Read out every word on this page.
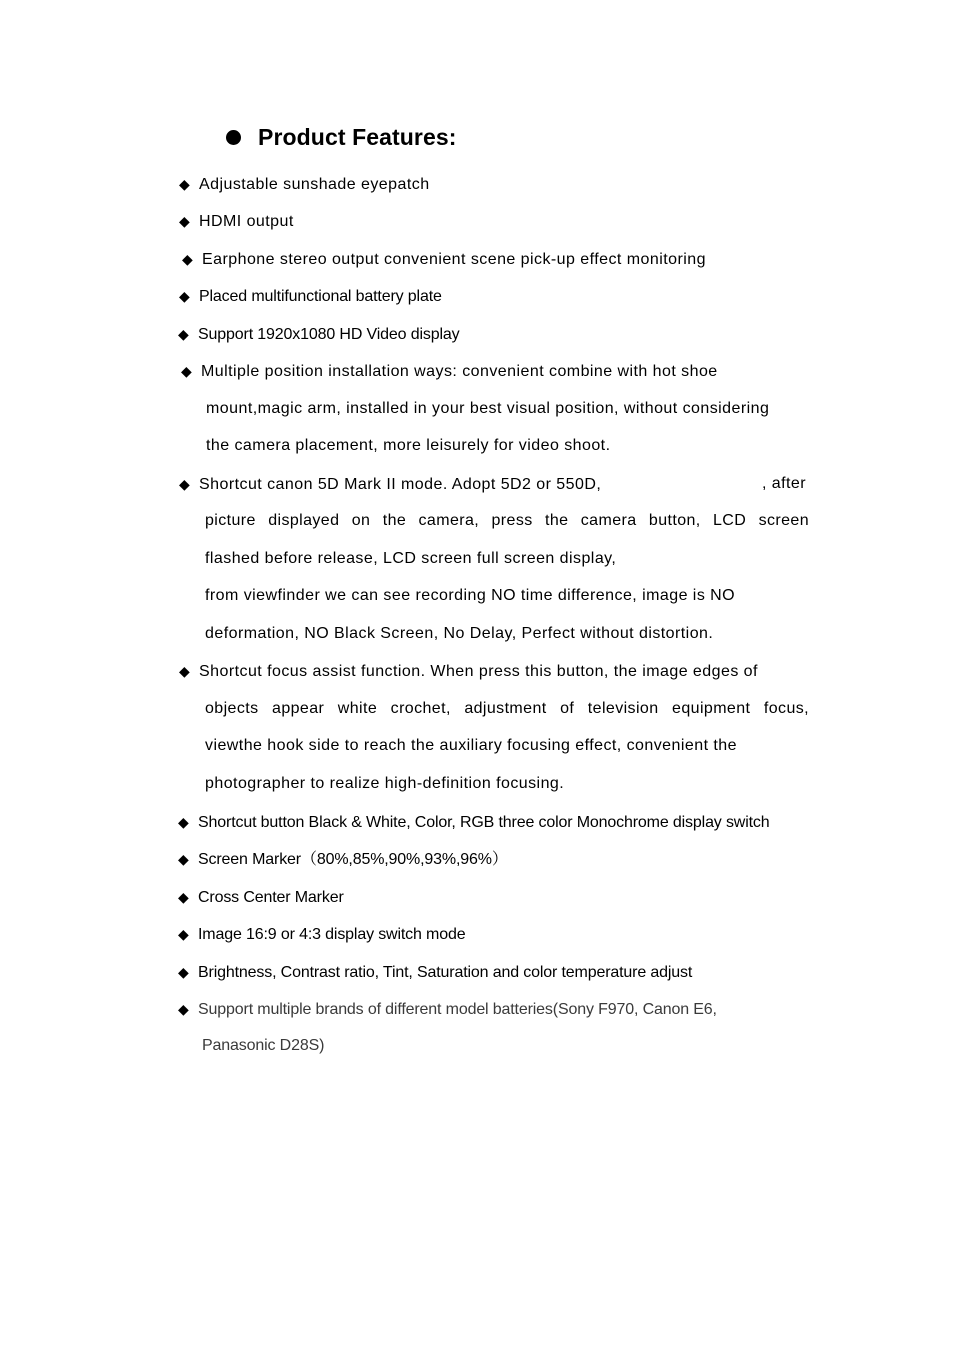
Product Features:
◆ Adjustable sunshade eyepatch
◆ HDMI output
◆ Earphone stereo output convenient scene pick-up effect monitoring
◆ Placed multifunctional battery plate
◆ Support 1920x1080 HD Video display
◆ Multiple position installation ways: convenient combine with hot shoe
mount,magic arm, installed in your best visual position, without considering
the camera placement, more leisurely for video shoot.
◆ Shortcut canon 5D Mark II mode. Adopt 5D2 or 550D,	, after
picture displayed on the camera, press the camera button, LCD screen
flashed before release, LCD screen full screen display,
from viewfinder we can see recording NO time difference, image is NO
deformation, NO Black Screen, No Delay, Perfect without distortion.
◆ Shortcut focus assist function. When press this button, the image edges of
objects appear white crochet, adjustment of television equipment focus,
viewthe hook side to reach the auxiliary focusing effect, convenient the
photographer to realize high-definition focusing.
◆ Shortcut button Black & White, Color, RGB three color Monochrome display switch
◆ Screen Marker（80%,85%,90%,93%,96%）
◆ Cross Center Marker
◆ Image 16:9 or 4:3 display switch mode
◆ Brightness, Contrast ratio, Tint, Saturation and color temperature adjust
◆ Support multiple brands of different model batteries(Sony F970, Canon E6,
Panasonic D28S)
